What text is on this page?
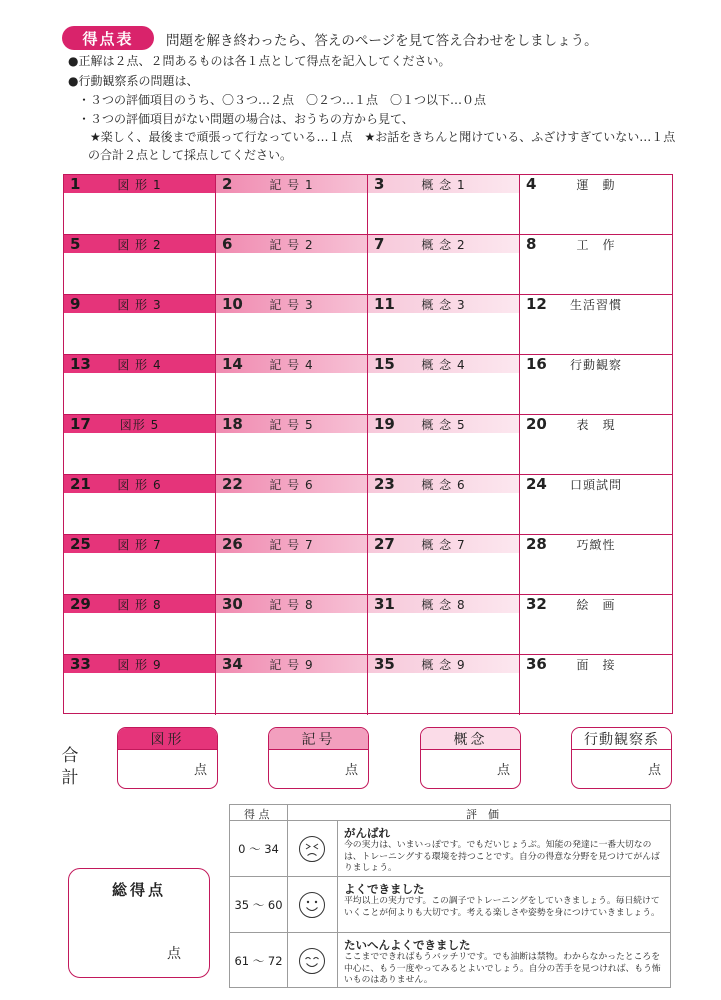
得点表	問題を解き終わったら、答えのページを見て答え合わせをしましょう。
●正解は２点、２問あるものは各１点として得点を記入してください。
●行動観察系の問題は、
・３つの評価項目のうち、〇３つ…２点　〇２つ…１点　〇１つ以下…０点
・３つの評価項目がない問題の場合は、おうちの方から見て、
★楽しく、最後まで頑張って行なっている…１点　★お話をきちんと聞けている、ふざけすぎていない…１点
の合計２点として採点してください。
1	図 形 1	2	記 号 1	3	概 念 1	4	運　動
5	図 形 2	6	記 号 2	7	概 念 2	8	工　作
9	図 形 3	10	記 号 3	11	概 念 3	12	生活習慣
13	図 形 4	14	記 号 4	15	概 念 4	16	行動観察
17	図形 5	18	記 号 5	19	概 念 5	20	表　現
21	図 形 6	22	記 号 6	23	概 念 6	24	口頭試問
25	図 形 7	26	記 号 7	27	概 念 7	28	巧緻性
29	図 形 8	30	記 号 8	31	概 念 8	32	絵　画
33	図 形 9	34	記 号 9	35	概 念 9	36	面　接
合計
図形
点
記号
点
概念
点
行動観察系
点
総得点
点
得 点	評　価
0 ～ 34
がんばれ
今の実力は、いまいっぽです。でもだいじょうぶ。知能の発達に一番大切なのは、トレーニングする環境を持つことです。自分の得意な分野を見つけてがんばりましょう。
35 ～ 60
よくできました
平均以上の実力です。この調子でトレーニングをしていきましょう。毎日続けていくことが何よりも大切です。考える楽しさや姿勢を身につけていきましょう。
61 ～ 72
たいへんよくできました
ここまでできればもうバッチリです。でも油断は禁物。わからなかったところを中心に、もう一度やってみるとよいでしょう。自分の苦手を見つければ、もう怖いものはありません。
